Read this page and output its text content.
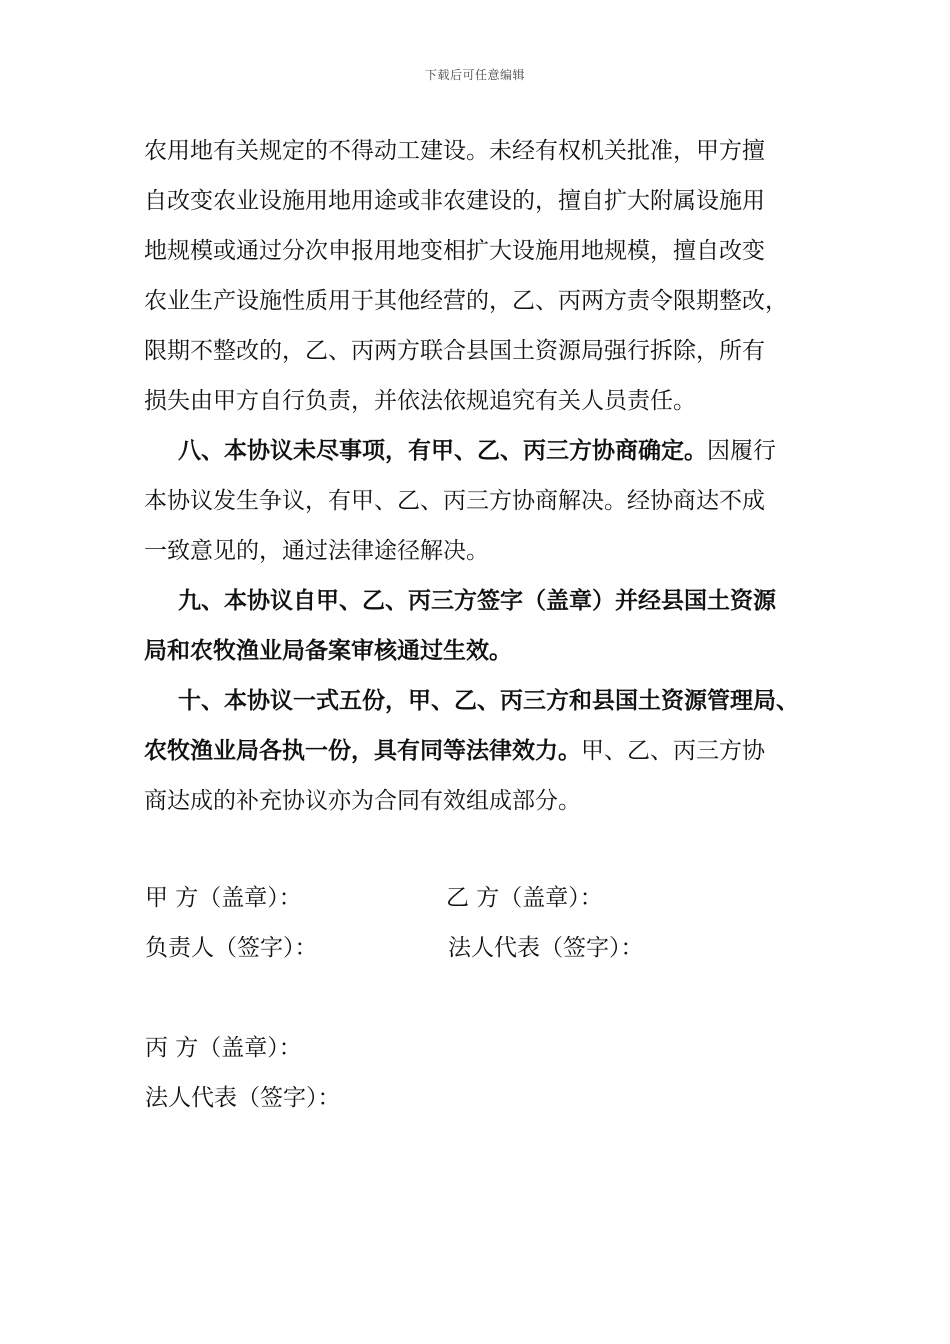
下载后可任意编辑
农用地有关规定的不得动工建设。未经有权机关批准，甲方擅
自改变农业设施用地用途或非农建设的，擅自扩大附属设施用
地规模或通过分次申报用地变相扩大设施用地规模，擅自改变
农业生产设施性质用于其他经营的，乙、丙两方责令限期整改，
限期不整改的，乙、丙两方联合县国土资源局强行拆除，所有
损失由甲方自行负责，并依法依规追究有关人员责任。
八、本协议未尽事项，有甲、乙、丙三方协商确定。因履行
本协议发生争议，有甲、乙、丙三方协商解决。经协商达不成
一致意见的，通过法律途径解决。
九、本协议自甲、乙、丙三方签字（盖章）并经县国土资源
局和农牧渔业局备案审核通过生效。
十、本协议一式五份，甲、乙、丙三方和县国土资源管理局、
农牧渔业局各执一份，具有同等法律效力。甲、乙、丙三方协
商达成的补充协议亦为合同有效组成部分。
甲 方（盖章）：	乙 方（盖章）：
负责人（签字）：	法人代表（签字）：
丙 方（盖章）：
法人代表（签字）：
